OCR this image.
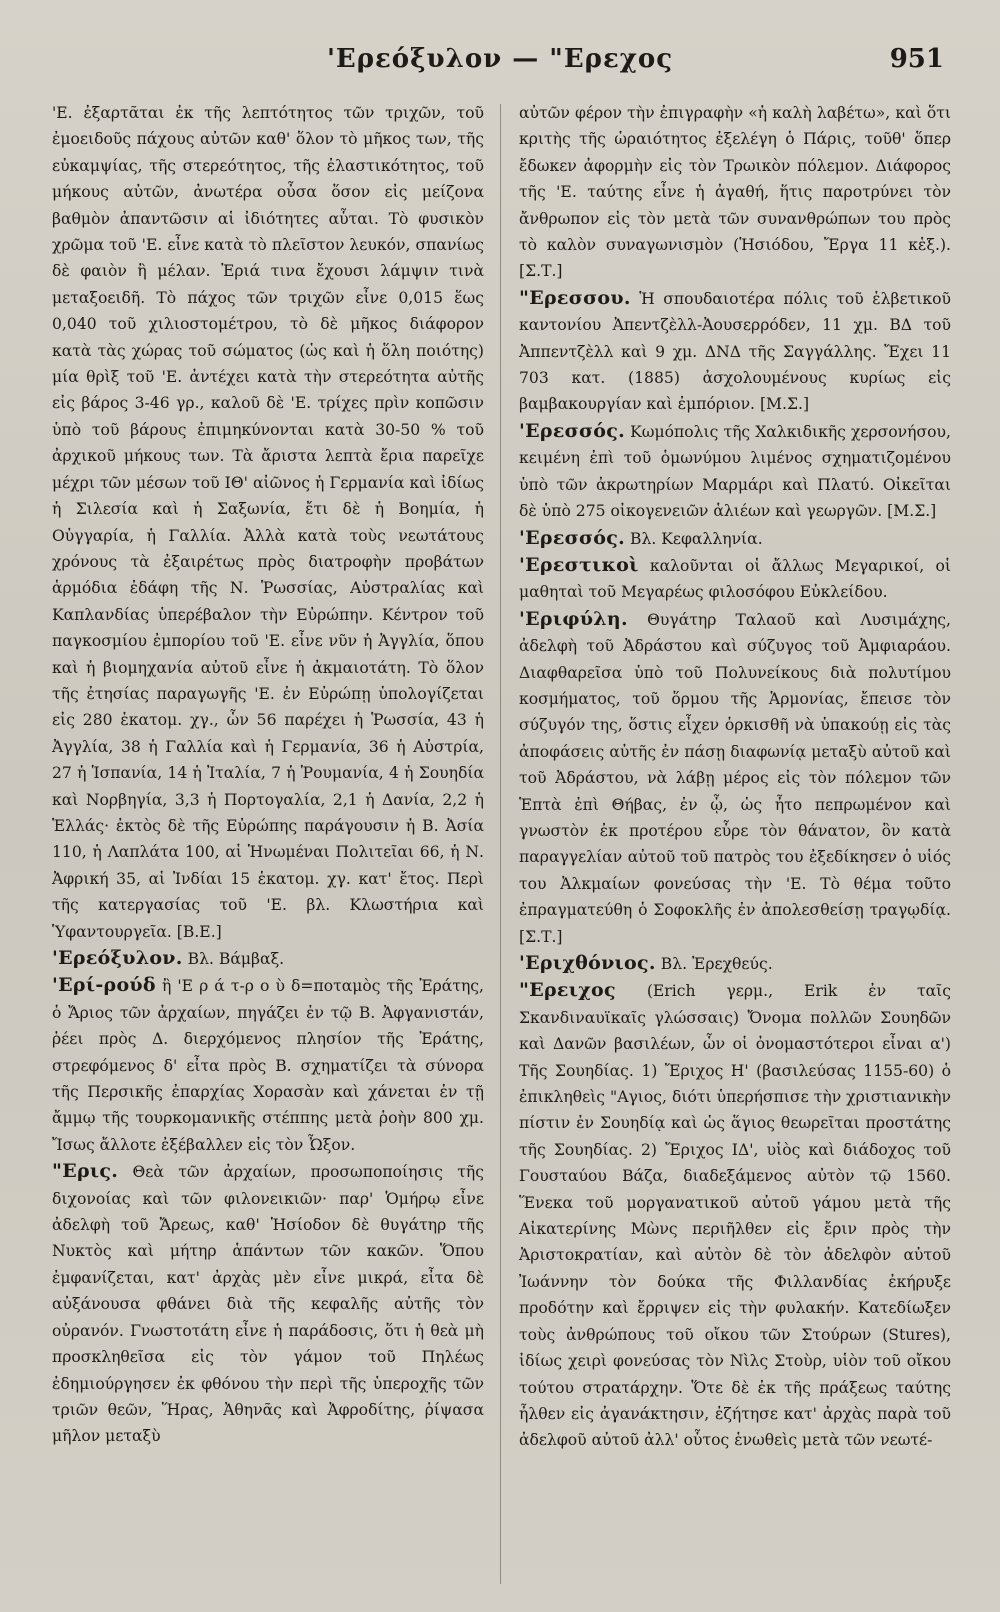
'Ερεόξυλον — "Ερεχος	951

'Ε. ἐξαρτᾶται ἐκ τῆς λεπτότητος τῶν τριχῶν, τοῦ ἐμοειδοῦς πάχους αὐτῶν καθ' ὅλον τὸ μῆκος των, τῆς εὐκαμψίας, τῆς στερεότητος, τῆς ἐλαστικότητος, τοῦ μήκους αὐτῶν, ἀνωτέρα οὖσα ὅσον εἰς μείζονα βαθμὸν ἀπαντῶσιν αἱ ἰδιότητες αὗται. Τὸ φυσικὸν χρῶμα τοῦ 'Ε. εἶνε κατὰ τὸ πλεῖστον λευκόν, σπανίως δὲ φαιὸν ἢ μέλαν. Ἐριά τινα ἔχουσι λάμψιν τινὰ μεταξοειδῆ. Τὸ πάχος τῶν τριχῶν εἶνε 0,015 ἕως 0,040 τοῦ χιλιοστομέτρου, τὸ δὲ μῆκος διάφορον κατὰ τὰς χώρας τοῦ σώματος (ὡς καὶ ἡ ὅλη ποιότης) μία θρὶξ τοῦ 'Ε. ἀντέχει κατὰ τὴν στερεότητα αὐτῆς εἰς βάρος 3-46 γρ., καλοῦ δὲ 'Ε. τρίχες πρὶν κοπῶσιν ὑπὸ τοῦ βάρους ἐπιμηκύνονται κατὰ 30-50 % τοῦ ἀρχικοῦ μήκους των. Τὰ ἄριστα λεπτὰ ἔρια παρεῖχε μέχρι τῶν μέσων τοῦ ΙΘ' αἰῶνος ἡ Γερμανία καὶ ἰδίως ἡ Σιλεσία καὶ ἡ Σαξωνία, ἔτι δὲ ἡ Βοημία, ἡ Οὐγγαρία, ἡ Γαλλία. Ἀλλὰ κατὰ τοὺς νεωτάτους χρόνους τὰ ἐξαιρέτως πρὸς διατροφὴν προβάτων ἁρμόδια ἐδάφη τῆς Ν. Ῥωσσίας, Αὐστραλίας καὶ Καπλανδίας ὑπερέβαλον τὴν Εὐρώπην. Κέντρον τοῦ παγκοσμίου ἐμπορίου τοῦ 'Ε. εἶνε νῦν ἡ Ἀγγλία, ὅπου καὶ ἡ βιομηχανία αὐτοῦ εἶνε ἡ ἀκμαιοτάτη. Τὸ ὅλον τῆς ἐτησίας παραγωγῆς 'Ε. ἐν Εὐρώπῃ ὑπολογίζεται εἰς 280 ἑκατομ. χγ., ὧν 56 παρέχει ἡ Ῥωσσία, 43 ἡ Ἀγγλία, 38 ἡ Γαλλία καὶ ἡ Γερμανία, 36 ἡ Αὐστρία, 27 ἡ Ἱσπανία, 14 ἡ Ἰταλία, 7 ἡ Ῥουμανία, 4 ἡ Σουηδία καὶ Νορβηγία, 3,3 ἡ Πορτογαλία, 2,1 ἡ Δανία, 2,2 ἡ Ἑλλάς· ἐκτὸς δὲ τῆς Εὐρώπης παράγουσιν ἡ Β. Ἀσία 110, ἡ Λαπλάτα 100, αἱ Ἡνωμέναι Πολιτεῖαι 66, ἡ Ν. Ἀφρική 35, αἱ Ἰνδίαι 15 ἑκατομ. χγ. κατ' ἔτος. Περὶ τῆς κατεργασίας τοῦ 'Ε. βλ. Κλωστήρια καὶ Ὑφαντουργεῖα. [Β.Ε.]

'Ερεόξυλον. Βλ. Βάμβαξ.

'Ερί-ρούδ ἢ 'Ε ρ ά τ-ρ ο ὺ δ=ποταμὸς τῆς Ἐράτης, ὁ Ἄριος τῶν ἀρχαίων, πηγάζει ἐν τῷ Β. Ἀφγανιστάν, ῥέει πρὸς Δ. διερχόμενος πλησίον τῆς Ἐράτης, στρεφόμενος δ' εἶτα πρὸς Β. σχηματίζει τὰ σύνορα τῆς Περσικῆς ἐπαρχίας Χορασὰν καὶ χάνεται ἐν τῇ ἄμμῳ τῆς τουρκομανικῆς στέππης μετὰ ῥοὴν 800 χμ. Ἴσως ἄλλοτε ἐξέβαλλεν εἰς τὸν Ὦξον.

"Ερις. Θεὰ τῶν ἀρχαίων, προσωποποίησις τῆς διχονοίας καὶ τῶν φιλονεικιῶν· παρ' Ὁμήρῳ εἶνε ἀδελφὴ τοῦ Ἄρεως, καθ' Ἡσίοδον δὲ θυγάτηρ τῆς Νυκτὸς καὶ μήτηρ ἁπάντων τῶν κακῶν. Ὅπου ἐμφανίζεται, κατ' ἀρχὰς μὲν εἶνε μικρά, εἶτα δὲ αὐξάνουσα φθάνει διὰ τῆς κεφαλῆς αὐτῆς τὸν οὐρανόν. Γνωστοτάτη εἶνε ἡ παράδοσις, ὅτι ἡ θεὰ μὴ προσκληθεῖσα εἰς τὸν γάμον τοῦ Πηλέως ἐδημιούργησεν ἐκ φθόνου τὴν περὶ τῆς ὑπεροχῆς τῶν τριῶν θεῶν, Ἥρας, Ἀθηνᾶς καὶ Ἀφροδίτης, ῥίψασα μῆλον μεταξὺ

αὐτῶν φέρον τὴν ἐπιγραφὴν «ἡ καλὴ λαβέτω», καὶ ὅτι κριτὴς τῆς ὡραιότητος ἐξελέγη ὁ Πάρις, τοῦθ' ὅπερ ἔδωκεν ἀφορμὴν εἰς τὸν Τρωικὸν πόλεμον. Διάφορος τῆς 'Ε. ταύτης εἶνε ἡ ἀγαθή, ἥτις παροτρύνει τὸν ἄνθρωπον εἰς τὸν μετὰ τῶν συνανθρώπων του πρὸς τὸ καλὸν συναγωνισμὸν (Ἡσιόδου, Ἔργα 11 κἑξ.). [Σ.Τ.]

"Ερεσσου. Ἡ σπουδαιοτέρα πόλις τοῦ ἑλβετικοῦ καντονίου Ἀπεντζὲλλ-Ἀουσερρόδεν, 11 χμ. ΒΔ τοῦ Ἀππεντζὲλλ καὶ 9 χμ. ΔΝΔ τῆς Σαγγάλλης. Ἔχει 11 703 κατ. (1885) ἀσχολουμένους κυρίως εἰς βαμβακουργίαν καὶ ἐμπόριον. [Μ.Σ.]

'Ερεσσός. Κωμόπολις τῆς Χαλκιδικῆς χερσονήσου, κειμένη ἐπὶ τοῦ ὁμωνύμου λιμένος σχηματιζομένου ὑπὸ τῶν ἀκρωτηρίων Μαρμάρι καὶ Πλατύ. Οἰκεῖται δὲ ὑπὸ 275 οἰκογενειῶν ἁλιέων καὶ γεωργῶν. [Μ.Σ.]

'Ερεσσός. Βλ. Κεφαλληνία.

'Ερεστικοὶ καλοῦνται οἱ ἄλλως Μεγαρικοί, οἱ μαθηταὶ τοῦ Μεγαρέως φιλοσόφου Εὐκλείδου.

'Εριφύλη. Θυγάτηρ Ταλαοῦ καὶ Λυσιμάχης, ἀδελφὴ τοῦ Ἀδράστου καὶ σύζυγος τοῦ Ἀμφιαράου. Διαφθαρεῖσα ὑπὸ τοῦ Πολυνείκους διὰ πολυτίμου κοσμήματος, τοῦ ὅρμου τῆς Ἁρμονίας, ἔπεισε τὸν σύζυγόν της, ὅστις εἶχεν ὁρκισθῆ νὰ ὑπακούῃ εἰς τὰς ἀποφάσεις αὐτῆς ἐν πάσῃ διαφωνίᾳ μεταξὺ αὐτοῦ καὶ τοῦ Ἀδράστου, νὰ λάβῃ μέρος εἰς τὸν πόλεμον τῶν Ἑπτὰ ἐπὶ Θήβας, ἐν ᾧ, ὡς ἦτο πεπρωμένον καὶ γνωστὸν ἐκ προτέρου εὗρε τὸν θάνατον, ὃν κατὰ παραγγελίαν αὐτοῦ τοῦ πατρὸς του ἐξεδίκησεν ὁ υἱός του Ἀλκμαίων φονεύσας τὴν 'Ε. Τὸ θέμα τοῦτο ἐπραγματεύθη ὁ Σοφοκλῆς ἐν ἀπολεσθείσῃ τραγῳδίᾳ. [Σ.Τ.]

'Εριχθόνιος. Βλ. Ἐρεχθεύς.

"Ερειχος (Erich γερμ., Erik ἐν ταῖς Σκανδιναυϊκαῖς γλώσσαις) Ὄνομα πολλῶν Σουηδῶν καὶ Δανῶν βασιλέων, ὧν οἱ ὀνομαστότεροι εἶναι α') Τῆς Σουηδίας. 1) Ἔριχος Η' (βασιλεύσας 1155-60) ὁ ἐπικληθεὶς "Αγιος, διότι ὑπερήσπισε τὴν χριστιανικὴν πίστιν ἐν Σουηδίᾳ καὶ ὡς ἅγιος θεωρεῖται προστάτης τῆς Σουηδίας. 2) Ἔριχος ΙΔ', υἱὸς καὶ διάδοχος τοῦ Γουσταύου Βάζα, διαδεξάμενος αὐτὸν τῷ 1560. Ἕνεκα τοῦ μοργανατικοῦ αὐτοῦ γάμου μετὰ τῆς Αἰκατερίνης Μὼνς περιῆλθεν εἰς ἔριν πρὸς τὴν Ἀριστοκρατίαν, καὶ αὐτὸν δὲ τὸν ἀδελφὸν αὐτοῦ Ἰωάννην τὸν δούκα τῆς Φιλλανδίας ἐκήρυξε προδότην καὶ ἔρριψεν εἰς τὴν φυλακήν. Κατεδίωξεν τοὺς ἀνθρώπους τοῦ οἴκου τῶν Στούρων (Stures), ἰδίως χειρὶ φονεύσας τὸν Νὶλς Στοὺρ, υἱὸν τοῦ οἴκου τούτου στρατάρχην. Ὅτε δὲ ἐκ τῆς πράξεως ταύτης ἦλθεν εἰς ἀγανάκτησιν, ἐζήτησε κατ' ἀρχὰς παρὰ τοῦ ἀδελφοῦ αὐτοῦ ἀλλ' οὗτος ἑνωθεὶς μετὰ τῶν νεωτέ-
